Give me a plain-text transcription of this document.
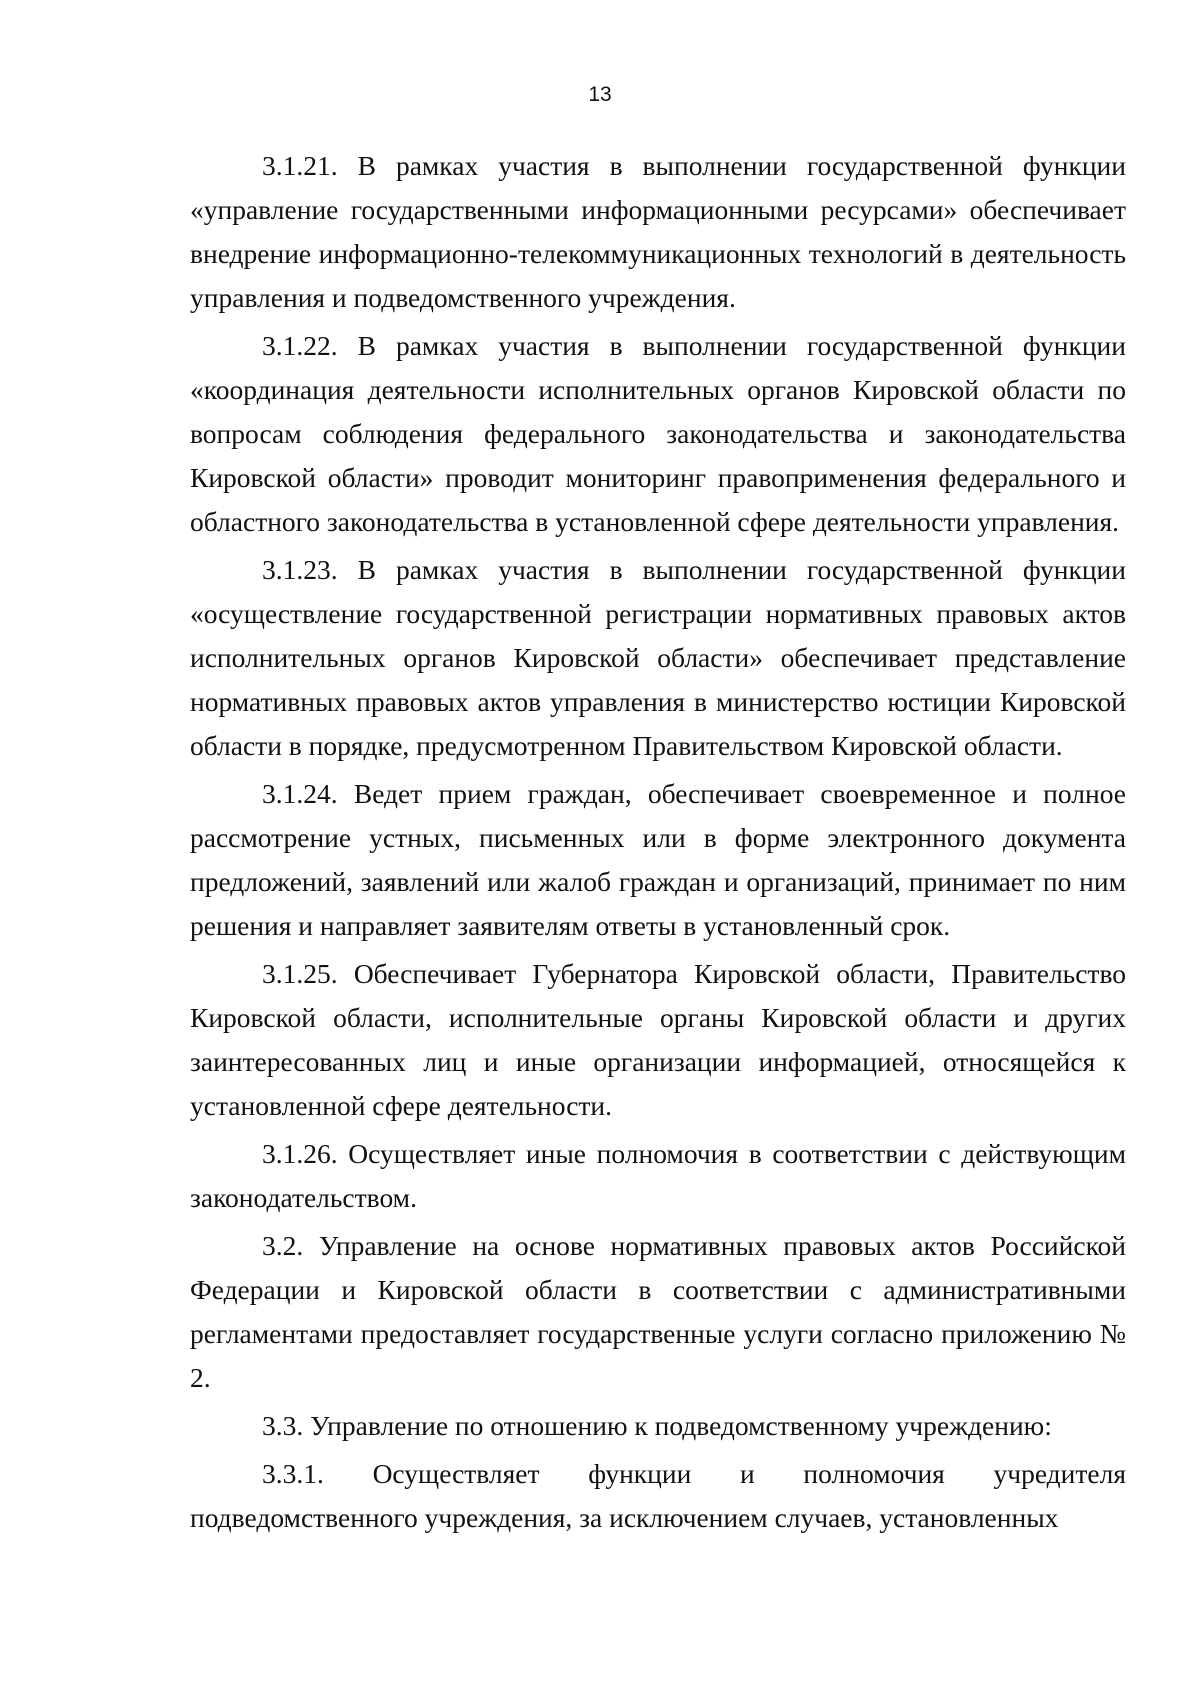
13

3.1.21. В рамках участия в выполнении государственной функции «управление государственными информационными ресурсами» обеспечивает внедрение информационно-телекоммуникационных технологий в деятельность управления и подведомственного учреждения.

3.1.22. В рамках участия в выполнении государственной функции «координация деятельности исполнительных органов Кировской области по вопросам соблюдения федерального законодательства и законодательства Кировской области» проводит мониторинг правоприменения федерального и областного законодательства в установленной сфере деятельности управления.

3.1.23. В рамках участия в выполнении государственной функции «осуществление государственной регистрации нормативных правовых актов исполнительных органов Кировской области» обеспечивает представление нормативных правовых актов управления в министерство юстиции Кировской области в порядке, предусмотренном Правительством Кировской области.

3.1.24. Ведет прием граждан, обеспечивает своевременное и полное рассмотрение устных, письменных или в форме электронного документа предложений, заявлений или жалоб граждан и организаций, принимает по ним решения и направляет заявителям ответы в установленный срок.

3.1.25. Обеспечивает Губернатора Кировской области, Правительство Кировской области, исполнительные органы Кировской области и других заинтересованных лиц и иные организации информацией, относящейся к установленной сфере деятельности.

3.1.26. Осуществляет иные полномочия в соответствии с действующим законодательством.

3.2. Управление на основе нормативных правовых актов Российской Федерации и Кировской области в соответствии с административными регламентами предоставляет государственные услуги согласно приложению № 2.

3.3. Управление по отношению к подведомственному учреждению:

3.3.1. Осуществляет функции и полномочия учредителя подведомственного учреждения, за исключением случаев, установленных
